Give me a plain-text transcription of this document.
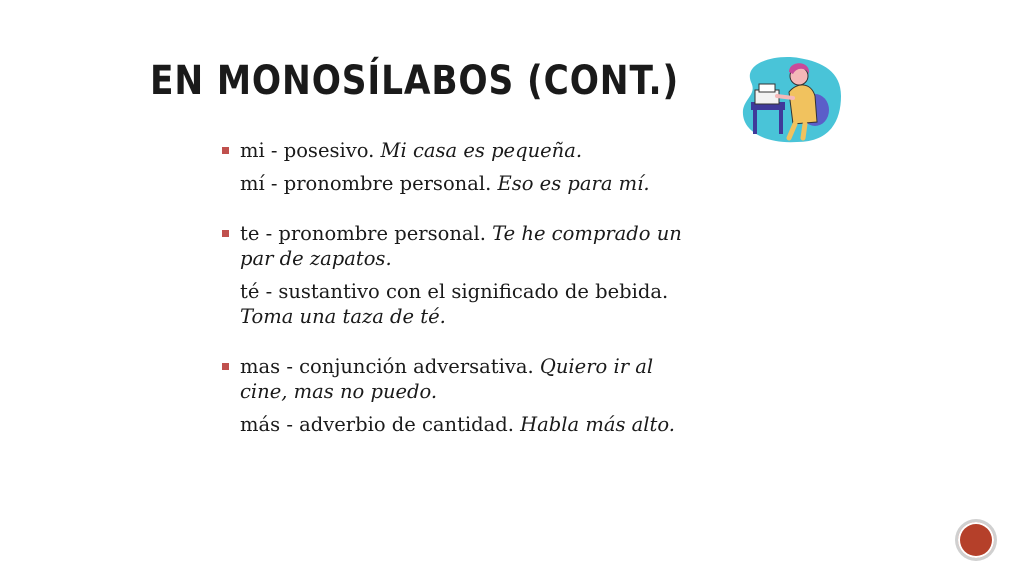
EN MONOSÍLABOS (CONT.)

mi - posesivo. Mi casa es pequeña.

mí - pronombre personal. Eso es para mí.

te - pronombre personal. Te he comprado un par de zapatos.

té - sustantivo con el significado de bebida. Toma una taza de té.

mas - conjunción adversativa. Quiero ir al cine, mas no puedo.

más - adverbio de cantidad. Habla más alto.
